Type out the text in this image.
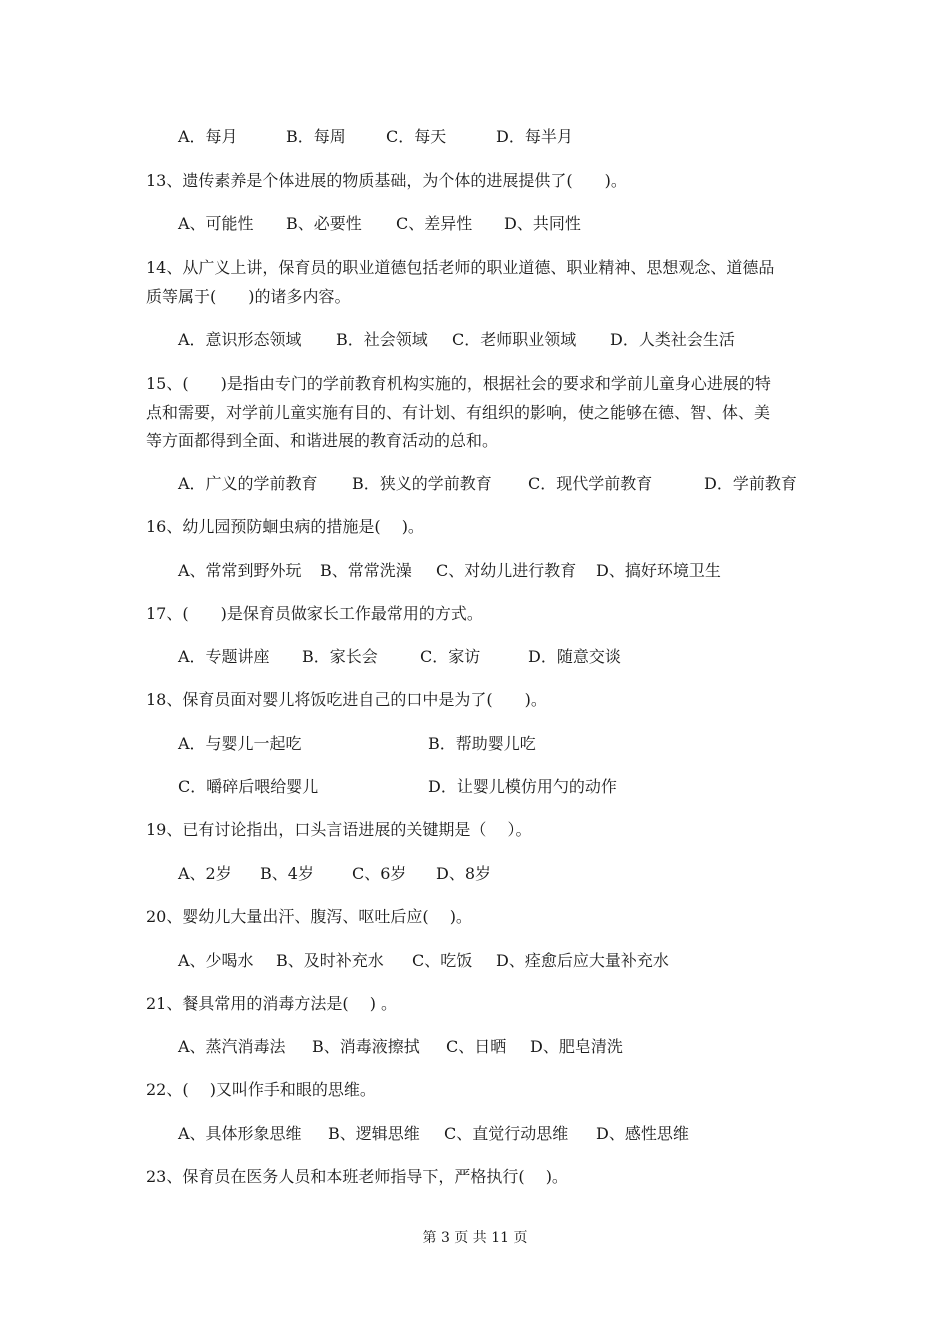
A．每月

	B．每周

	C．每天

	D．每半月

13、遗传素养是个体进展的物质基础，为个体的进展提供了(　　)。

A、可能性

B、必要性

C、差异性

D、共同性

14、从广义上讲，保育员的职业道德包括老师的职业道德、职业精神、思想观念、道德品
质等属于(　　)的诸多内容。

A．意识形态领域

B．社会领域

C．老师职业领域

D．人类社会生活

15、(　　)是指由专门的学前教育机构实施的，根据社会的要求和学前儿童身心进展的特
点和需要，对学前儿童实施有目的、有计划、有组织的影响，使之能够在德、智、体、美
等方面都得到全面、和谐进展的教育活动的总和。

A．广义的学前教育

B．狭义的学前教育

C．现代学前教育

	D．学前教育

16、幼儿园预防蛔虫病的措施是(　 )。

A、常常到野外玩

B、常常洗澡

C、对幼儿进行教育

D、搞好环境卫生

17、(　　)是保育员做家长工作最常用的方式。

A．专题讲座

B．家长会

	C．家访

	D．随意交谈

18、保育员面对婴儿将饭吃进自己的口中是为了(　　)。

A．与婴儿一起吃

	B．帮助婴儿吃

C．嚼碎后喂给婴儿

	D．让婴儿模仿用勺的动作

19、已有讨论指出，口头言语进展的关键期是（　 ）。

A、2岁

B、4岁

C、6岁

D、8岁

20、婴幼儿大量出汗、腹泻、呕吐后应(　 )。

A、少喝水

B、及时补充水

C、吃饭

D、痊愈后应大量补充水

21、餐具常用的消毒方法是(　 ) 。

A、蒸汽消毒法

B、消毒液擦拭

C、日晒

D、肥皂清洗

22、(　 )又叫作手和眼的思维。

A、具体形象思维

B、逻辑思维

C、直觉行动思维

D、感性思维

23、保育员在医务人员和本班老师指导下，严格执行(　 )。
第 3 页 共 11 页
